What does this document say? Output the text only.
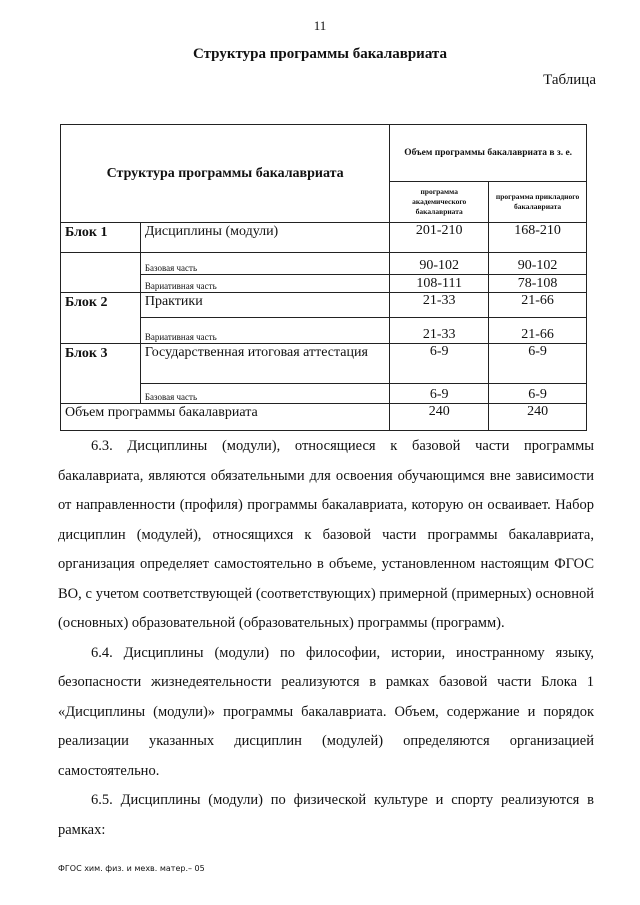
11
Структура программы бакалавриата
Таблица
Структура программы бакалавриата		Объем программы бакалавриата в з. е.	
		программа академического бакалавриата	программа прикладного бакалавриата
Блок 1	Дисциплины (модули)	201-210	168-210
	Базовая часть	90-102	90-102
	Вариативная часть	108-111	78-108
Блок 2	Практики	21-33	21-66
	Вариативная часть	21-33	21-66
Блок 3	Государственная итоговая аттестация	6-9	6-9
	Базовая часть	6-9	6-9
Объем программы бакалавриата		240	240

6.3. Дисциплины (модули), относящиеся к базовой части программы бакалавриата, являются обязательными для освоения обучающимся вне зависимости от направленности (профиля) программы бакалавриата, которую он осваивает. Набор дисциплин (модулей), относящихся к базовой части программы бакалавриата, организация определяет самостоятельно в объеме, установленном настоящим ФГОС ВО, с учетом соответствующей (соответствующих) примерной (примерных) основной (основных) образовательной (образовательных) программы (программ).

6.4. Дисциплины (модули) по философии, истории, иностранному языку, безопасности жизнедеятельности реализуются в рамках базовой части Блока 1 «Дисциплины (модули)» программы бакалавриата. Объем, содержание и порядок реализации указанных дисциплин (модулей) определяются организацией самостоятельно.

6.5. Дисциплины (модули) по физической культуре и спорту реализуются в рамках:

ФГОС хим. физ. и мехв. матер.– 05
